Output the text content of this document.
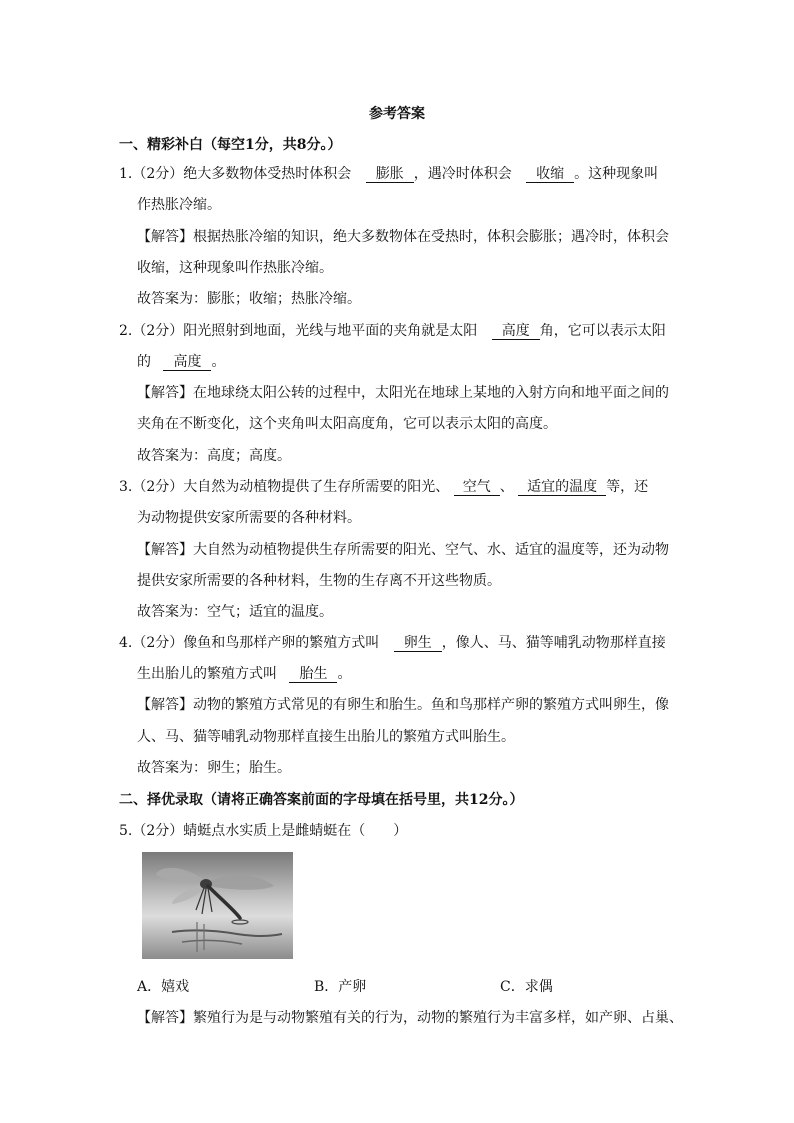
参考答案
一、精彩补白（每空1分，共8分。）
1.（2分）绝大多数物体受热时体积会 膨胀 ，遇冷时体积会 收缩 。这种现象叫
作热胀冷缩。
【解答】根据热胀冷缩的知识，绝大多数物体在受热时，体积会膨胀；遇冷时，体积会
收缩，这种现象叫作热胀冷缩。
故答案为：膨胀；收缩；热胀冷缩。
2.（2分）阳光照射到地面，光线与地平面的夹角就是太阳 高度 角，它可以表示太阳
的 高度 。
【解答】在地球绕太阳公转的过程中，太阳光在地球上某地的入射方向和地平面之间的
夹角在不断变化，这个夹角叫太阳高度角，它可以表示太阳的高度。
故答案为：高度；高度。
3.（2分）大自然为动植物提供了生存所需要的阳光、 空气 、 适宜的温度 等，还
为动物提供安家所需要的各种材料。
【解答】大自然为动植物提供生存所需要的阳光、空气、水、适宜的温度等，还为动物
提供安家所需要的各种材料，生物的生存离不开这些物质。
故答案为：空气；适宜的温度。
4.（2分）像鱼和鸟那样产卵的繁殖方式叫 卵生 ，像人、马、猫等哺乳动物那样直接
生出胎儿的繁殖方式叫 胎生 。
【解答】动物的繁殖方式常见的有卵生和胎生。鱼和鸟那样产卵的繁殖方式叫卵生，像
人、马、猫等哺乳动物那样直接生出胎儿的繁殖方式叫胎生。
故答案为：卵生；胎生。
二、择优录取（请将正确答案前面的字母填在括号里，共12分。）
5.（2分）蜻蜓点水实质上是雌蜻蜓在（　　）
A．嬉戏	B．产卵	C．求偶
【解答】繁殖行为是与动物繁殖有关的行为，动物的繁殖行为丰富多样，如产卵、占巢、
